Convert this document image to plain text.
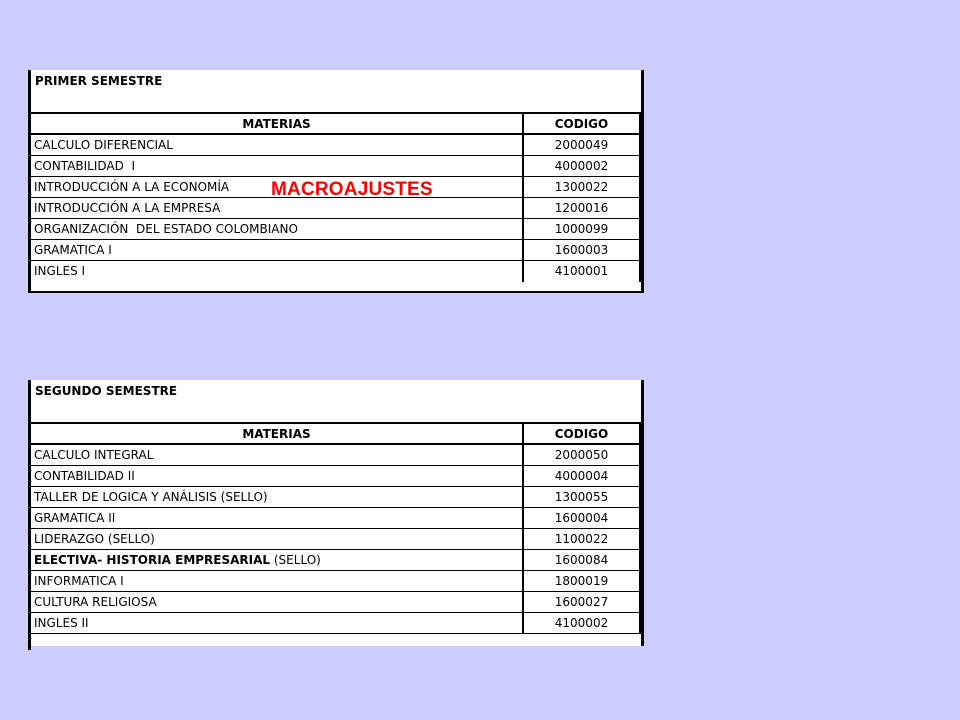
PRIMER SEMESTRE
MATERIAS	CODIGO
CALCULO DIFERENCIAL	2000049
CONTABILIDAD  I	4000002
INTRODUCCIÓN A LA ECONOMÍA	1300022
INTRODUCCIÓN A LA EMPRESA	1200016
ORGANIZACIÓN  DEL ESTADO COLOMBIANO	1000099
GRAMATICA I	1600003
INGLES I	4100001
MACROAJUSTES
SEGUNDO SEMESTRE
MATERIAS	CODIGO
CALCULO INTEGRAL	2000050
CONTABILIDAD II	4000004
TALLER DE LOGICA Y ANÁLISIS (SELLO)	1300055
GRAMATICA II	1600004
LIDERAZGO (SELLO)	1100022
ELECTIVA- HISTORIA EMPRESARIAL (SELLO)	1600084
INFORMATICA I	1800019
CULTURA RELIGIOSA	1600027
INGLES II	4100002
